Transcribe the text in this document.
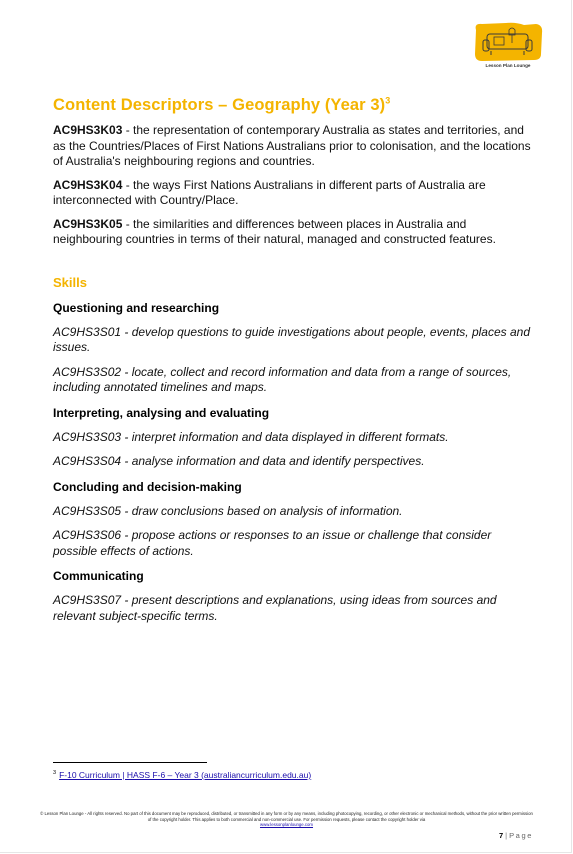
Lesson Plan Lounge
Content Descriptors – Geography (Year 3)$^3$

AC9HS3K03 - the representation of contemporary Australia as states and territories, and as the Countries/Places of First Nations Australians prior to colonisation, and the locations of Australia's neighbouring regions and countries.

AC9HS3K04 - the ways First Nations Australians in different parts of Australia are interconnected with Country/Place.

AC9HS3K05 - the similarities and differences between places in Australia and neighbouring countries in terms of their natural, managed and constructed features.

Skills
Questioning and researching

AC9HS3S01 - develop questions to guide investigations about people, events, places and issues.

AC9HS3S02 - locate, collect and record information and data from a range of sources, including annotated timelines and maps.

Interpreting, analysing and evaluating

AC9HS3S03 - interpret information and data displayed in different formats.

AC9HS3S04 - analyse information and data and identify perspectives.

Concluding and decision-making

AC9HS3S05 - draw conclusions based on analysis of information.

AC9HS3S06 - propose actions or responses to an issue or challenge that consider possible effects of actions.

Communicating

AC9HS3S07 - present descriptions and explanations, using ideas from sources and relevant subject-specific terms.

$^3$ F-10 Curriculum | HASS F-6 – Year 3 (australiancurriculum.edu.au)
© Lesson Plan Lounge - All rights reserved. No part of this document may be reproduced, distributed, or transmitted in any form or by any means, including photocopying, recording, or other electronic or mechanical methods, without the prior written permission of the copyright holder. This applies to both commercial and non-commercial use. For permission requests, please contact the copyright holder via
www.lessonplanlounge.com
7 | Page
